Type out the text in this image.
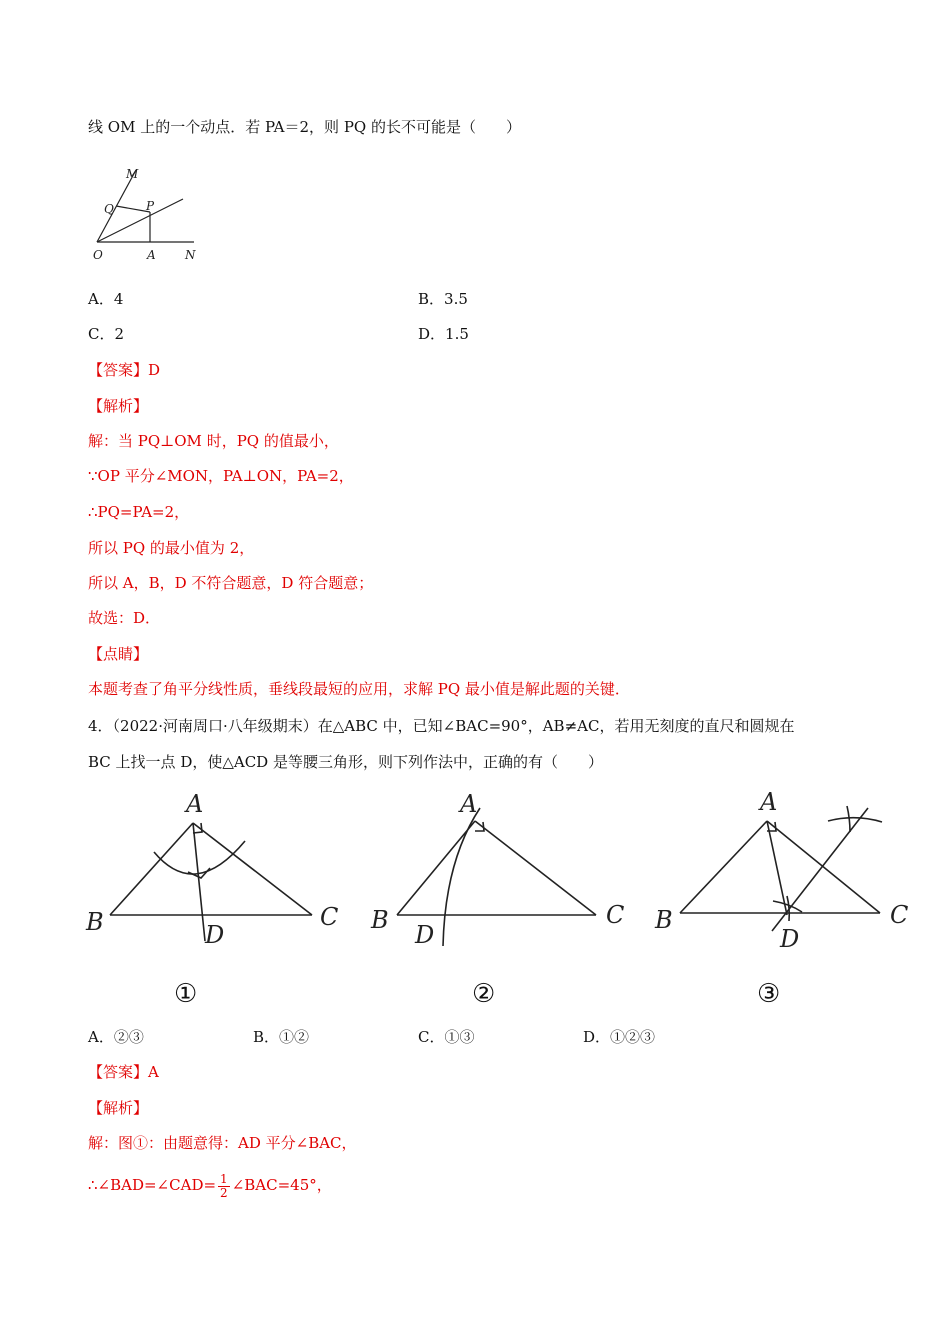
线 OM 上的一个动点．若 PA＝2，则 PQ 的长不可能是（　　）
M
Q	P
O	A N
A．4	B．3.5
C．2	D．1.5
【答案】D
【解析】
解：当 PQ⊥OM 时，PQ 的值最小，
∵OP 平分∠MON，PA⊥ON，PA=2，
∴PQ=PA=2，
所以 PQ 的最小值为 2，
所以 A，B，D 不符合题意，D 符合题意；
故选：D．
【点睛】
本题考查了角平分线性质，垂线段最短的应用，求解 PQ 最小值是解此题的关键．
4．（2022·河南周口·八年级期末）在△ABC 中，已知∠BAC=90°，AB≠AC，若用无刻度的直尺和圆规在
BC 上找一点 D，使△ACD 是等腰三角形，则下列作法中，正确的有（　　）
A
B	C
D
A
B	C
D
A
B	C
D
①	②	③
A．②③	B．①②	C．①③	D．①②③
【答案】A
【解析】
解：图①：由题意得：AD 平分∠BAC，
∴∠BAD=∠CAD= $\frac{1}{2}$ ∠BAC=45°，
